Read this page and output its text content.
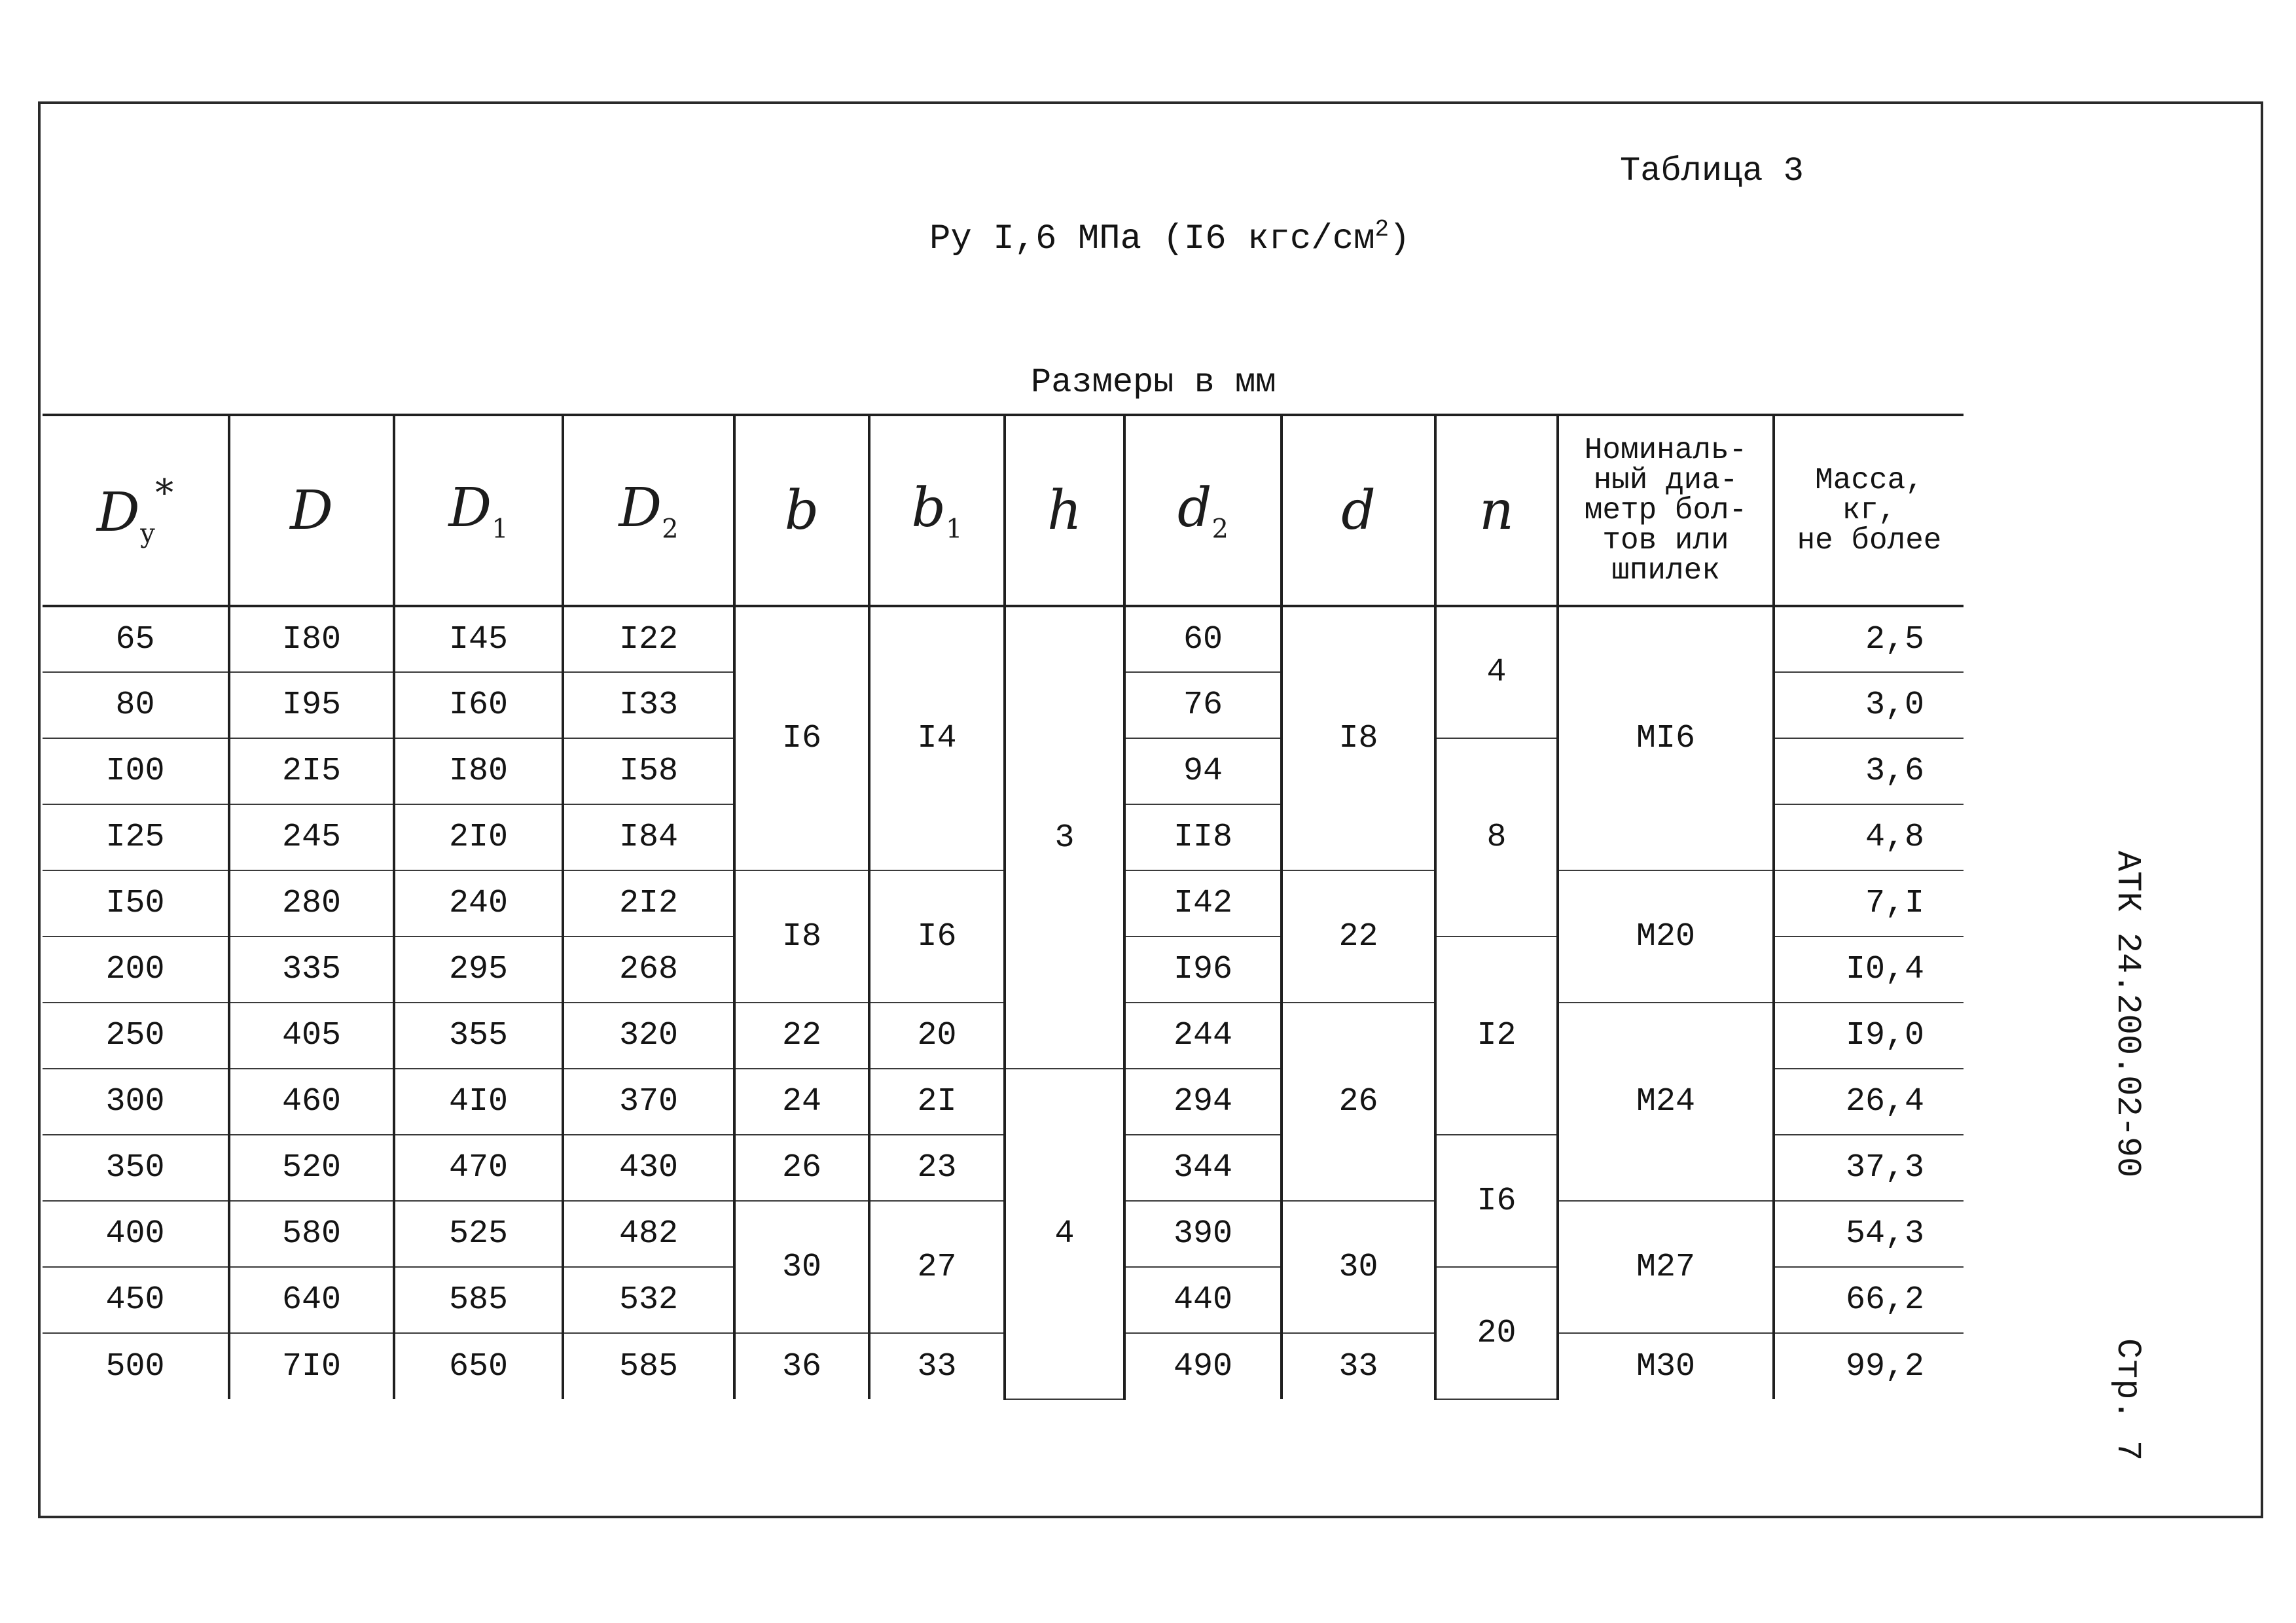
Таблица 3
Ру I,6 МПа (I6 кгс/$см^2$)
Размеры в мм
АТК 24.200.02-90
Стр. 7
$D_у^*$	D	$D_1$	$D_2$	b	$b_1$	h	$d_2$	d	n	Номиналь-
ный диа-
метр бол-
тов или
шпилек	Масса,
кг,
не более

65	I80	I45	I22	I6	I4	3	60	I8	4	МI6	2,5
80	I95	I60	I33				76				3,0
I00	2I5	I80	I58				94		8		3,6
I25	245	2I0	I84				II8				4,8
I50	280	240	2I2	I8	I6		I42	22		М20	7,I
200	335	295	268				I96		I2		I0,4
250	405	355	320	22	20		244	26		М24	I9,0
300	460	4I0	370	24	2I	4	294				26,4
350	520	470	430	26	23		344		I6		37,3
400	580	525	482	30	27		390	30		М27	54,3
450	640	585	532				440		20		66,2
500	7I0	650	585	36	33		490	33		М30	99,2
